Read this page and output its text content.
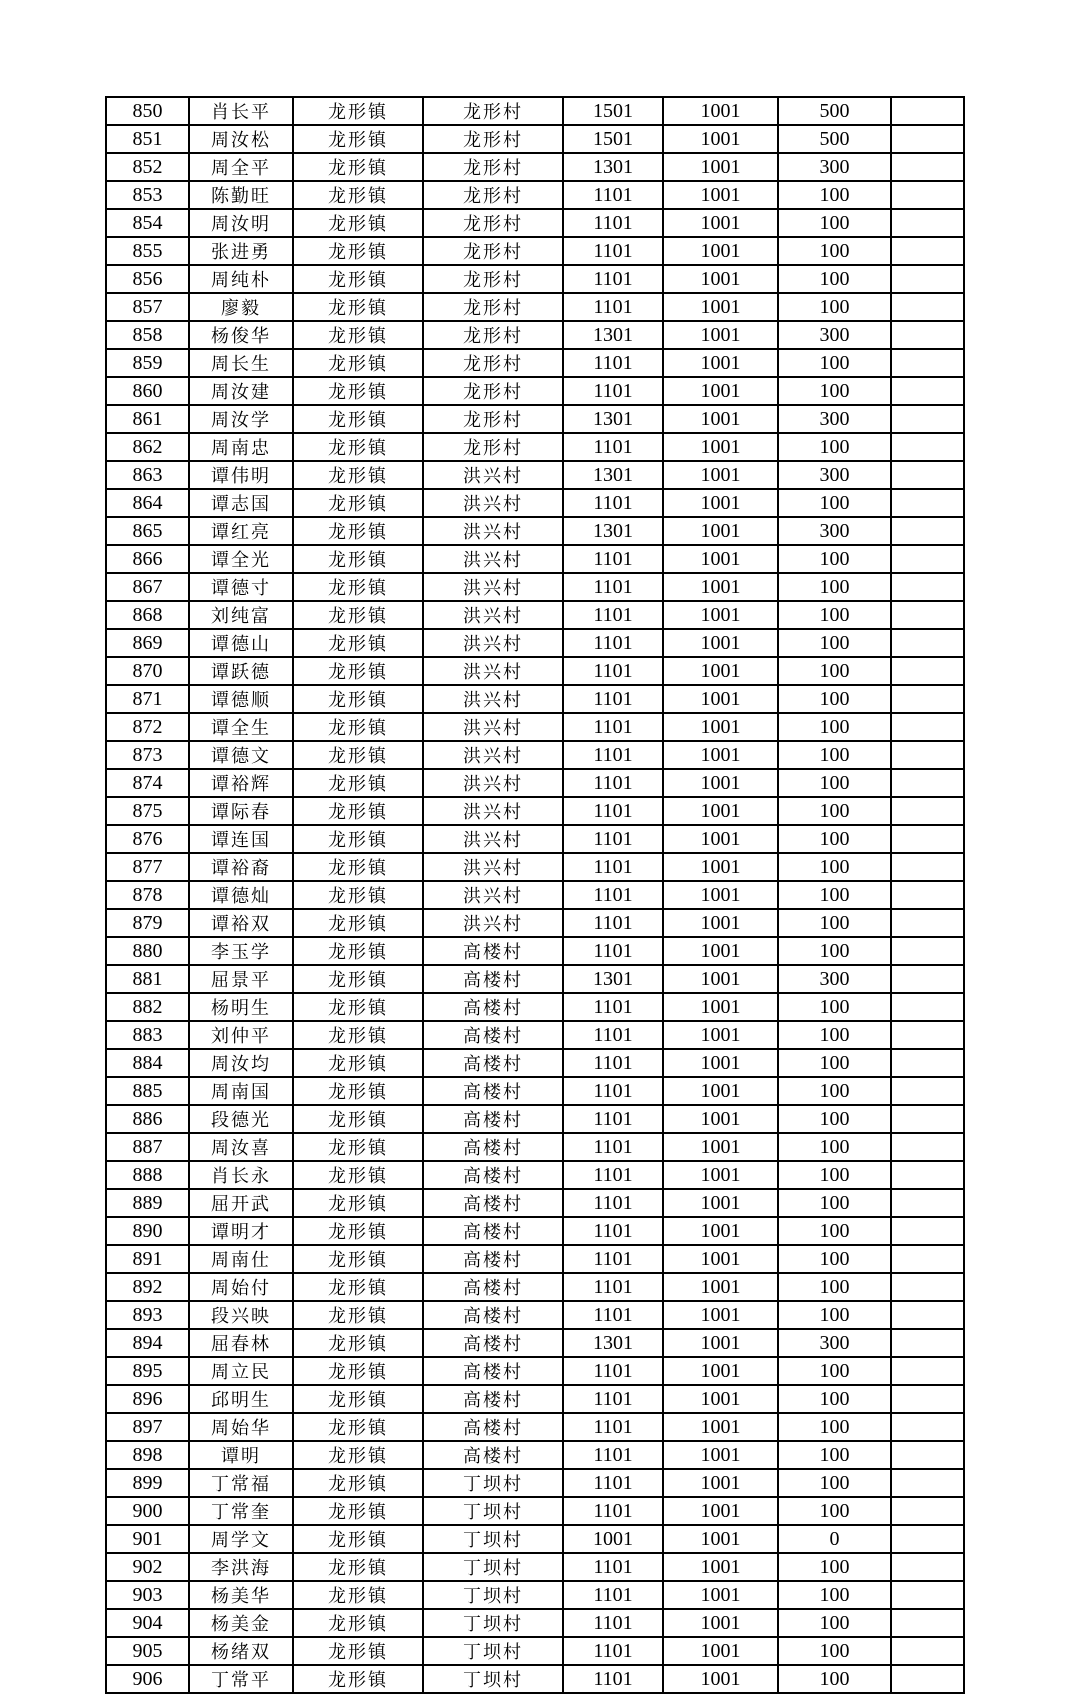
850	肖长平	龙形镇	龙形村	1501	1001	500	
851	周汝松	龙形镇	龙形村	1501	1001	500	
852	周全平	龙形镇	龙形村	1301	1001	300	
853	陈勤旺	龙形镇	龙形村	1101	1001	100	
854	周汝明	龙形镇	龙形村	1101	1001	100	
855	张进勇	龙形镇	龙形村	1101	1001	100	
856	周纯朴	龙形镇	龙形村	1101	1001	100	
857	廖毅	龙形镇	龙形村	1101	1001	100	
858	杨俊华	龙形镇	龙形村	1301	1001	300	
859	周长生	龙形镇	龙形村	1101	1001	100	
860	周汝建	龙形镇	龙形村	1101	1001	100	
861	周汝学	龙形镇	龙形村	1301	1001	300	
862	周南忠	龙形镇	龙形村	1101	1001	100	
863	谭伟明	龙形镇	洪兴村	1301	1001	300	
864	谭志国	龙形镇	洪兴村	1101	1001	100	
865	谭红亮	龙形镇	洪兴村	1301	1001	300	
866	谭全光	龙形镇	洪兴村	1101	1001	100	
867	谭德寸	龙形镇	洪兴村	1101	1001	100	
868	刘纯富	龙形镇	洪兴村	1101	1001	100	
869	谭德山	龙形镇	洪兴村	1101	1001	100	
870	谭跃德	龙形镇	洪兴村	1101	1001	100	
871	谭德顺	龙形镇	洪兴村	1101	1001	100	
872	谭全生	龙形镇	洪兴村	1101	1001	100	
873	谭德文	龙形镇	洪兴村	1101	1001	100	
874	谭裕辉	龙形镇	洪兴村	1101	1001	100	
875	谭际春	龙形镇	洪兴村	1101	1001	100	
876	谭连国	龙形镇	洪兴村	1101	1001	100	
877	谭裕裔	龙形镇	洪兴村	1101	1001	100	
878	谭德灿	龙形镇	洪兴村	1101	1001	100	
879	谭裕双	龙形镇	洪兴村	1101	1001	100	
880	李玉学	龙形镇	高楼村	1101	1001	100	
881	屈景平	龙形镇	高楼村	1301	1001	300	
882	杨明生	龙形镇	高楼村	1101	1001	100	
883	刘仲平	龙形镇	高楼村	1101	1001	100	
884	周汝均	龙形镇	高楼村	1101	1001	100	
885	周南国	龙形镇	高楼村	1101	1001	100	
886	段德光	龙形镇	高楼村	1101	1001	100	
887	周汝喜	龙形镇	高楼村	1101	1001	100	
888	肖长永	龙形镇	高楼村	1101	1001	100	
889	屈开武	龙形镇	高楼村	1101	1001	100	
890	谭明才	龙形镇	高楼村	1101	1001	100	
891	周南仕	龙形镇	高楼村	1101	1001	100	
892	周始付	龙形镇	高楼村	1101	1001	100	
893	段兴映	龙形镇	高楼村	1101	1001	100	
894	屈春林	龙形镇	高楼村	1301	1001	300	
895	周立民	龙形镇	高楼村	1101	1001	100	
896	邱明生	龙形镇	高楼村	1101	1001	100	
897	周始华	龙形镇	高楼村	1101	1001	100	
898	谭明	龙形镇	高楼村	1101	1001	100	
899	丁常福	龙形镇	丁坝村	1101	1001	100	
900	丁常奎	龙形镇	丁坝村	1101	1001	100	
901	周学文	龙形镇	丁坝村	1001	1001	0	
902	李洪海	龙形镇	丁坝村	1101	1001	100	
903	杨美华	龙形镇	丁坝村	1101	1001	100	
904	杨美金	龙形镇	丁坝村	1101	1001	100	
905	杨绪双	龙形镇	丁坝村	1101	1001	100	
906	丁常平	龙形镇	丁坝村	1101	1001	100	
